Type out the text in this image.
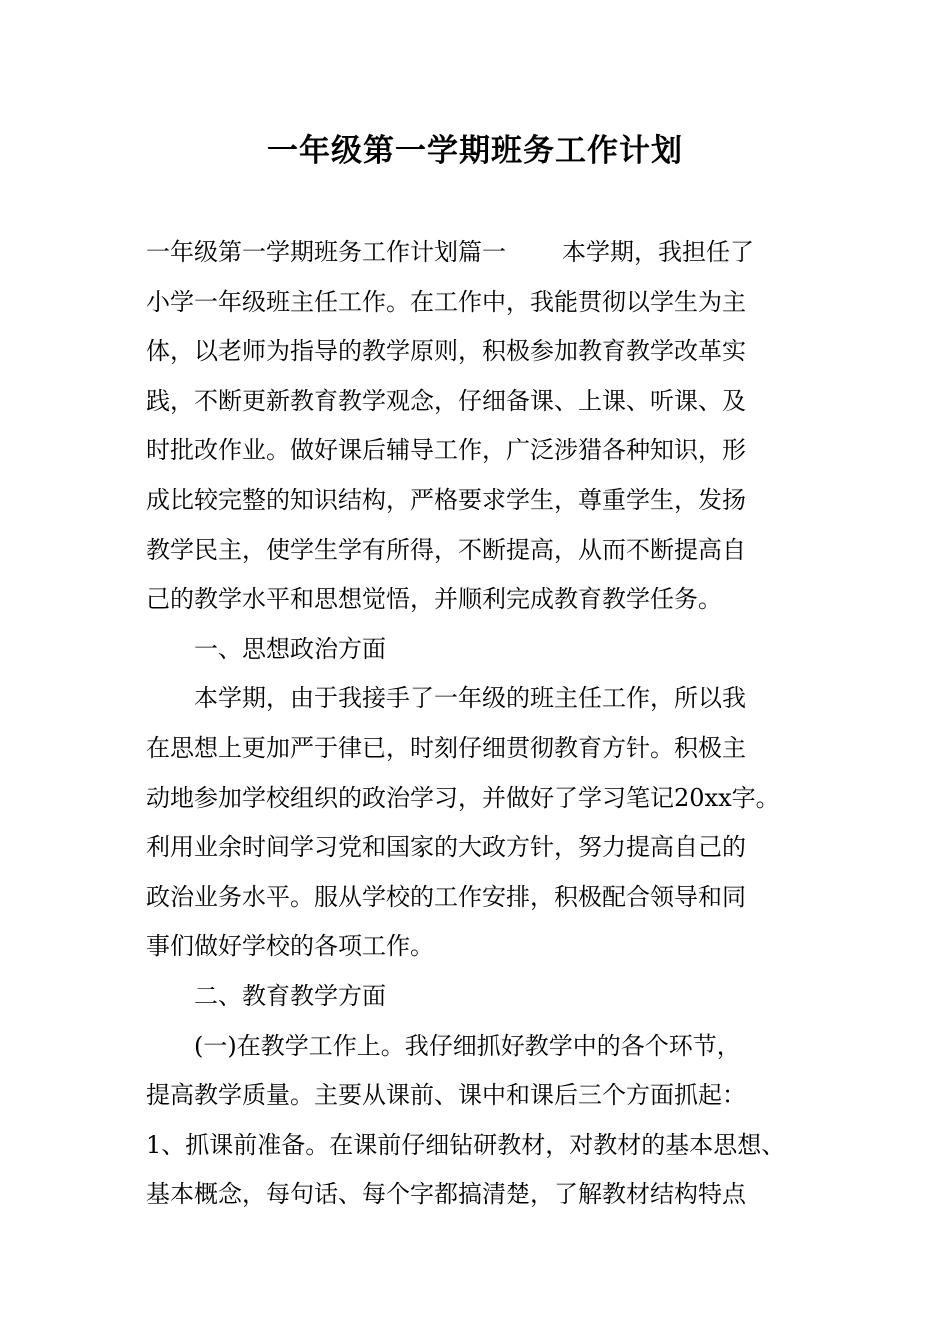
一年级第一学期班务工作计划
一年级第一学期班务工作计划篇一 本学期，我担任了
小学一年级班主任工作。在工作中，我能贯彻以学生为主
体，以老师为指导的教学原则，积极参加教育教学改革实
践，不断更新教育教学观念，仔细备课、上课、听课、及
时批改作业。做好课后辅导工作，广泛涉猎各种知识，形
成比较完整的知识结构，严格要求学生，尊重学生，发扬
教学民主，使学生学有所得，不断提高，从而不断提高自
己的教学水平和思想觉悟，并顺利完成教育教学任务。
一、思想政治方面
本学期，由于我接手了一年级的班主任工作，所以我
在思想上更加严于律已，时刻仔细贯彻教育方针。积极主
动地参加学校组织的政治学习，并做好了学习笔记20xx字。
利用业余时间学习党和国家的大政方针，努力提高自己的
政治业务水平。服从学校的工作安排，积极配合领导和同
事们做好学校的各项工作。
二、教育教学方面
(一)在教学工作上。我仔细抓好教学中的各个环节，
提高教学质量。主要从课前、课中和课后三个方面抓起：
1、抓课前准备。在课前仔细钻研教材，对教材的基本思想、
基本概念，每句话、每个字都搞清楚，了解教材结构特点
